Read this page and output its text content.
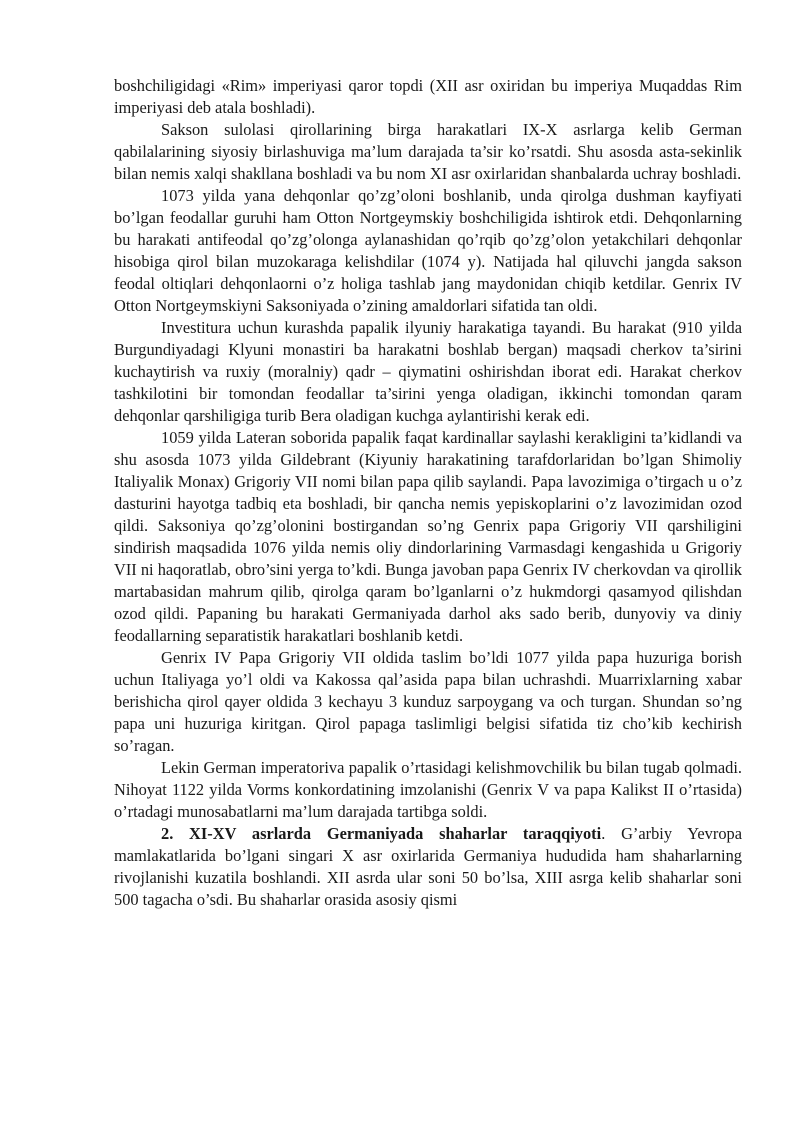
boshchiligidagi «Rim» imperiyasi qaror topdi (XII asr oxiridan bu imperiya Muqaddas Rim imperiyasi deb atala boshladi).

Sakson sulolasi qirollarining birga harakatlari IX-X asrlarga kelib German qabilalarining siyosiy birlashuviga ma’lum darajada ta’sir ko’rsatdi. Shu asosda asta-sekinlik bilan nemis xalqi shakllana boshladi va bu nom XI asr oxirlaridan shanbalarda uchray boshladi.

1073 yilda yana dehqonlar qo’zg’oloni boshlanib, unda qirolga dushman kayfiyati bo’lgan feodallar guruhi ham Otton Nortgeymskiy boshchiligida ishtirok etdi. Dehqonlarning bu harakati antifeodal qo’zg’olonga aylanashidan qo’rqib qo’zg’olon yetakchilari dehqonlar hisobiga qirol bilan muzokaraga kelishdilar (1074 y). Natijada hal qiluvchi jangda sakson feodal oltiqlari dehqonlaorni o’z holiga tashlab jang maydonidan chiqib ketdilar. Genrix IV Otton Nortgeymskiyni Saksoniyada o’zining amaldorlari sifatida tan oldi.

Investitura uchun kurashda papalik ilyuniy harakatiga tayandi. Bu harakat (910 yilda Burgundiyadagi Klyuni monastiri ba harakatni boshlab bergan) maqsadi cherkov ta’sirini kuchaytirish va ruxiy (moralniy) qadr – qiymatini oshirishdan iborat edi. Harakat cherkov tashkilotini bir tomondan feodallar ta’sirini yenga oladigan, ikkinchi tomondan qaram dehqonlar qarshiligiga turib Bera oladigan kuchga aylantirishi kerak edi.

1059 yilda Lateran soborida papalik faqat kardinallar saylashi kerakligini ta’kidlandi va shu asosda 1073 yilda Gildebrant (Kiyuniy harakatining tarafdorlaridan bo’lgan Shimoliy Italiyalik Monax) Grigoriy VII nomi bilan papa qilib saylandi. Papa lavozimiga o’tirgach u o’z dasturini hayotga tadbiq eta boshladi, bir qancha nemis yepiskoplarini o’z lavozimidan ozod qildi. Saksoniya qo’zg’olonini bostirgandan so’ng Genrix papa Grigoriy VII qarshiligini sindirish maqsadida 1076 yilda nemis oliy dindorlarining Varmasdagi kengashida u Grigoriy VII ni haqoratlab, obro’sini yerga to’kdi. Bunga javoban papa Genrix IV cherkovdan va qirollik martabasidan mahrum qilib, qirolga qaram bo’lganlarni o’z hukmdorgi qasamyod qilishdan ozod qildi. Papaning bu harakati Germaniyada darhol aks sado berib, dunyoviy va diniy feodallarning separatistik harakatlari boshlanib ketdi.

Genrix IV Papa Grigoriy VII oldida taslim bo’ldi 1077 yilda papa huzuriga borish uchun Italiyaga yo’l oldi va Kakossa qal’asida papa bilan uchrashdi. Muarrixlarning xabar berishicha qirol qayer oldida 3 kechayu 3 kunduz sarpoygang va och turgan. Shundan so’ng papa uni huzuriga kiritgan. Qirol papaga taslimligi belgisi sifatida tiz cho’kib kechirish so’ragan.

Lekin German imperatoriva papalik o’rtasidagi kelishmovchilik bu bilan tugab qolmadi. Nihoyat 1122 yilda Vorms konkordatining imzolanishi (Genrix V va papa Kalikst II o’rtasida) o’rtadagi munosabatlarni ma’lum darajada tartibga soldi.

2. XI-XV asrlarda Germaniyada shaharlar taraqqiyoti. G’arbiy Yevropa mamlakatlarida bo’lgani singari X asr oxirlarida Germaniya hududida ham shaharlarning rivojlanishi kuzatila boshlandi. XII asrda ular soni 50 bo’lsa, XIII asrga kelib shaharlar soni 500 tagacha o’sdi. Bu shaharlar orasida asosiy qismi
